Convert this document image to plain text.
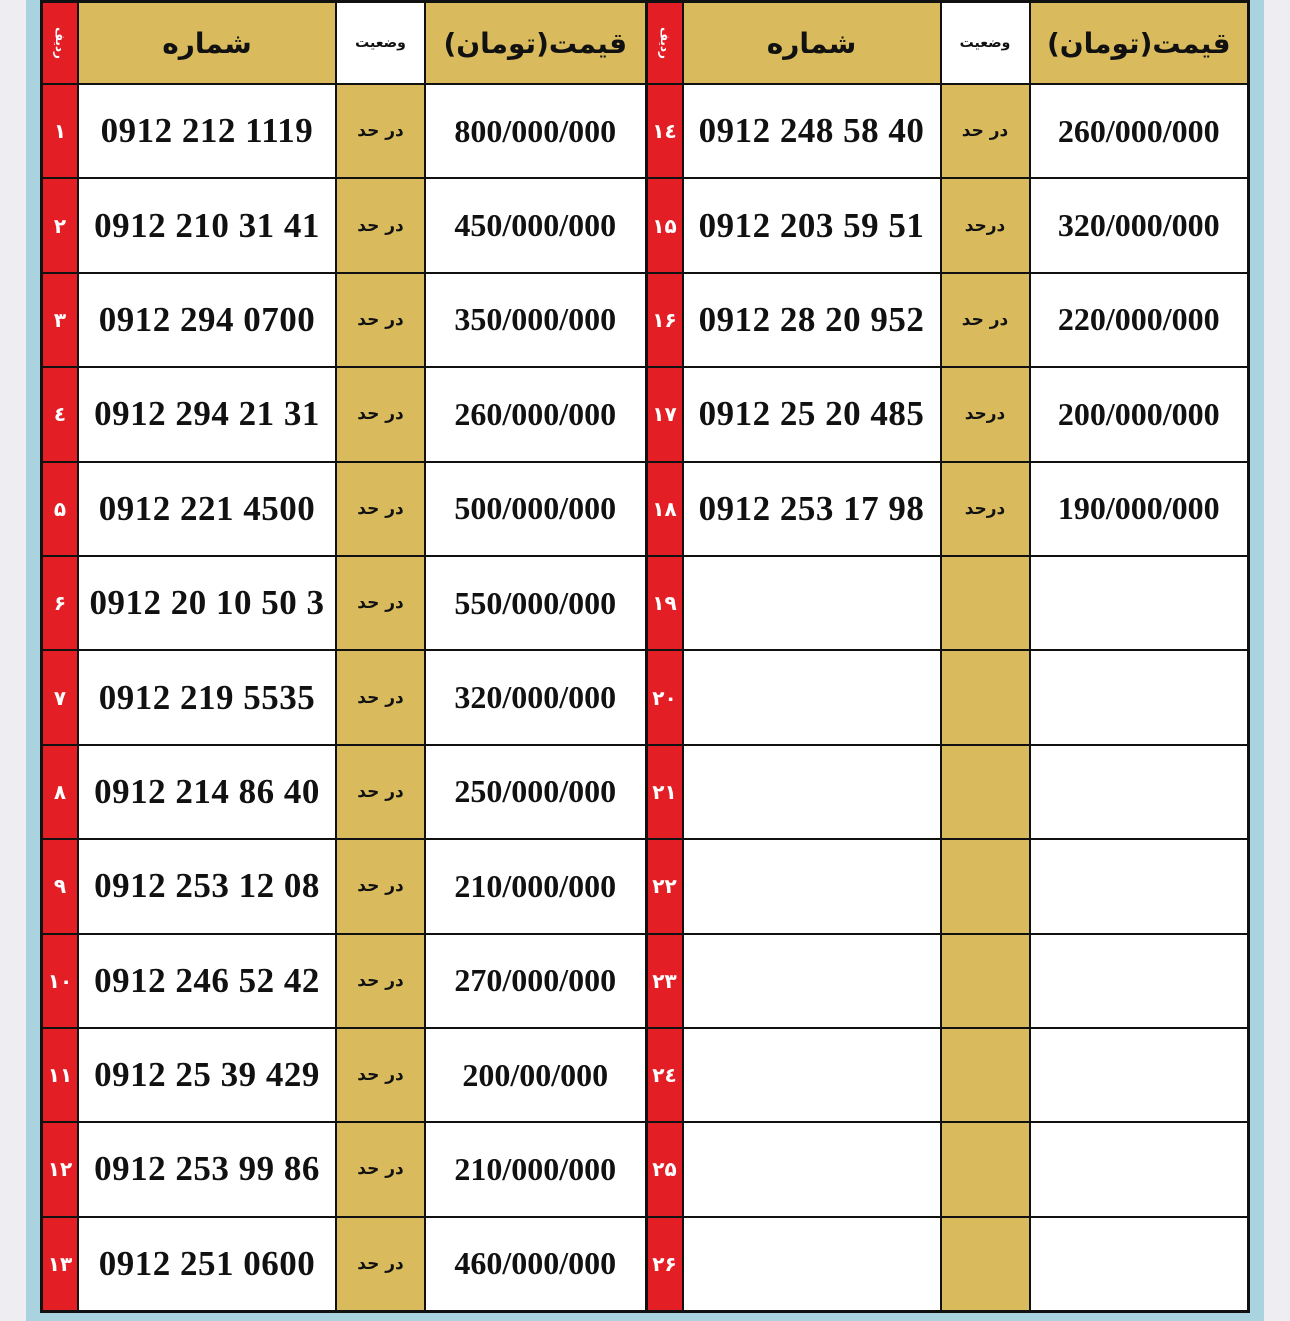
ردیف	شماره	وضعیت	قیمت(تومان)
۱ 0912 212 1119	در حد	800/000/000
۲ 0912 210 31 41	در حد	450/000/000
۳ 0912 294 0700	در حد	350/000/000
٤ 0912 294 21 31	در حد	260/000/000
۵ 0912 221 4500	در حد	500/000/000
۶ 0912 20 10 50 3	در حد	550/000/000
۷ 0912 219 5535	در حد	320/000/000
۸ 0912 214 86 40	در حد	250/000/000
۹ 0912 253 12 08	در حد	210/000/000
۱۰ 0912 246 52 42	در حد	270/000/000
۱۱ 0912 25 39 429	در حد	200/00/000
۱۲ 0912 253 99 86	در حد	210/000/000
۱۳ 0912 251 0600	در حد	460/000/000
ردیف	شماره	وضعیت	قیمت(تومان)
۱٤ 0912 248 58 40	در حد	260/000/000
۱۵ 0912 203 59 51	درحد	320/000/000
۱۶ 0912 28 20 952	در حد	220/000/000
۱۷ 0912 25 20 485	درحد	200/000/000
۱۸ 0912 253 17 98	درحد	190/000/000
۱۹
۲۰
۲۱
۲۲
۲۳
۲٤
۲۵
۲۶
